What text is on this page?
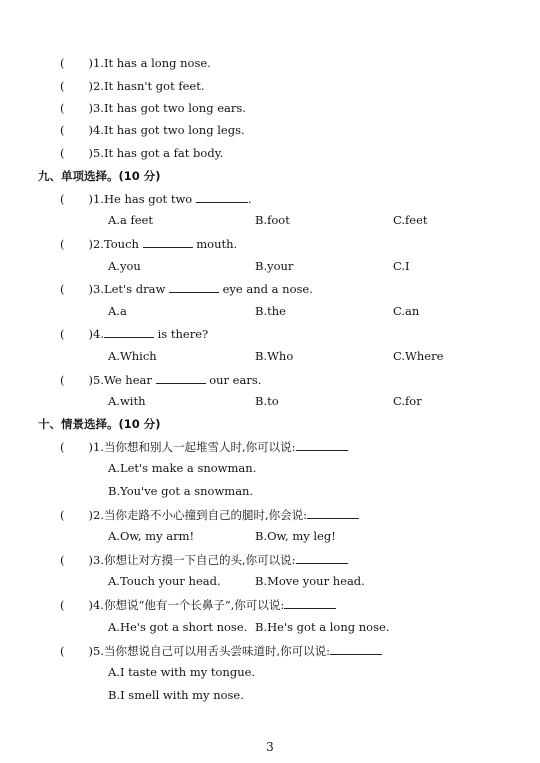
( )1.It has a long nose.
( )2.It hasn't got feet.
( )3.It has got two long ears.
( )4.It has got two long legs.
( )5.It has got a fat body.
九、单项选择。(10 分)
( )1.He has got two	.
A.a feet	B.foot	C.feet
( )2.Touch	mouth.
A.you	B.your	C.I
( )3.Let's draw	eye and a nose.
A.a	B.the	C.an
( )4.	is there?
A.Which	B.Who	C.Where
( )5.We hear	our ears.
A.with	B.to	C.for
十、情景选择。(10 分)
( )1.当你想和别人一起堆雪人时,你可以说:
A.Let's make a snowman.
B.You've got a snowman.
( )2.当你走路不小心撞到自己的腿时,你会说:
A.Ow, my arm!	B.Ow, my leg!
( )3.你想让对方摸一下自己的头,你可以说:
A.Touch your head.	B.Move your head.
( )4.你想说“他有一个长鼻子”,你可以说:
A.He's got a short nose. B.He's got a long nose.
( )5.当你想说自己可以用舌头尝味道时,你可以说:
A.I taste with my tongue.
B.I smell with my nose.
3
